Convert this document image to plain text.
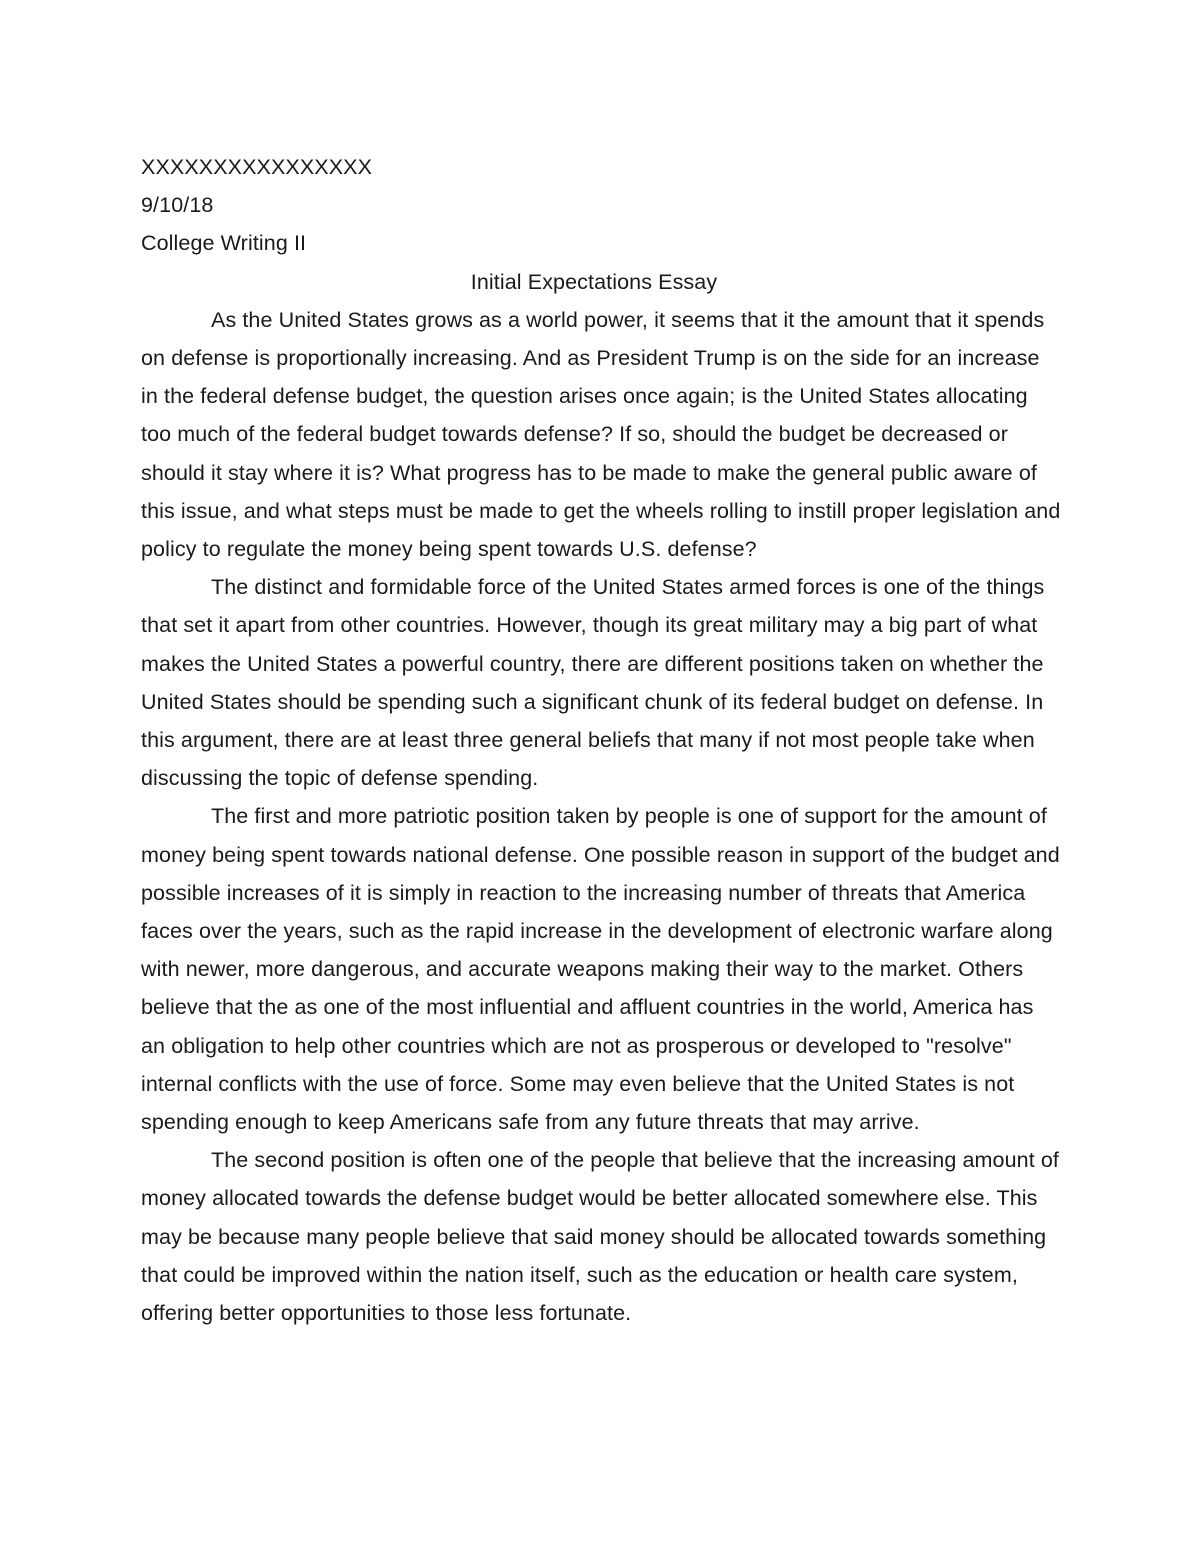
XXXXXXXXXXXXXXXX

9/10/18

College Writing II

Initial Expectations Essay

As the United States grows as a world power, it seems that it the amount that it spends on defense is proportionally increasing. And as President Trump is on the side for an increase in the federal defense budget, the question arises once again; is the United States allocating too much of the federal budget towards defense? If so, should the budget be decreased or should it stay where it is? What progress has to be made to make the general public aware of this issue, and what steps must be made to get the wheels rolling to instill proper legislation and policy to regulate the money being spent towards U.S. defense?

The distinct and formidable force of the United States armed forces is one of the things that set it apart from other countries. However, though its great military may a big part of what makes the United States a powerful country, there are different positions taken on whether the United States should be spending such a significant chunk of its federal budget on defense. In this argument, there are at least three general beliefs that many if not most people take when discussing the topic of defense spending.

The first and more patriotic position taken by people is one of support for the amount of money being spent towards national defense. One possible reason in support of the budget and possible increases of it is simply in reaction to the increasing number of threats that America faces over the years, such as the rapid increase in the development of electronic warfare along with newer, more dangerous, and accurate weapons making their way to the market. Others believe that the as one of the most influential and affluent countries in the world, America has an obligation to help other countries which are not as prosperous or developed to "resolve" internal conflicts with the use of force. Some may even believe that the United States is not spending enough to keep Americans safe from any future threats that may arrive.

The second position is often one of the people that believe that the increasing amount of money allocated towards the defense budget would be better allocated somewhere else. This may be because many people believe that said money should be allocated towards something that could be improved within the nation itself, such as the education or health care system, offering better opportunities to those less fortunate.
